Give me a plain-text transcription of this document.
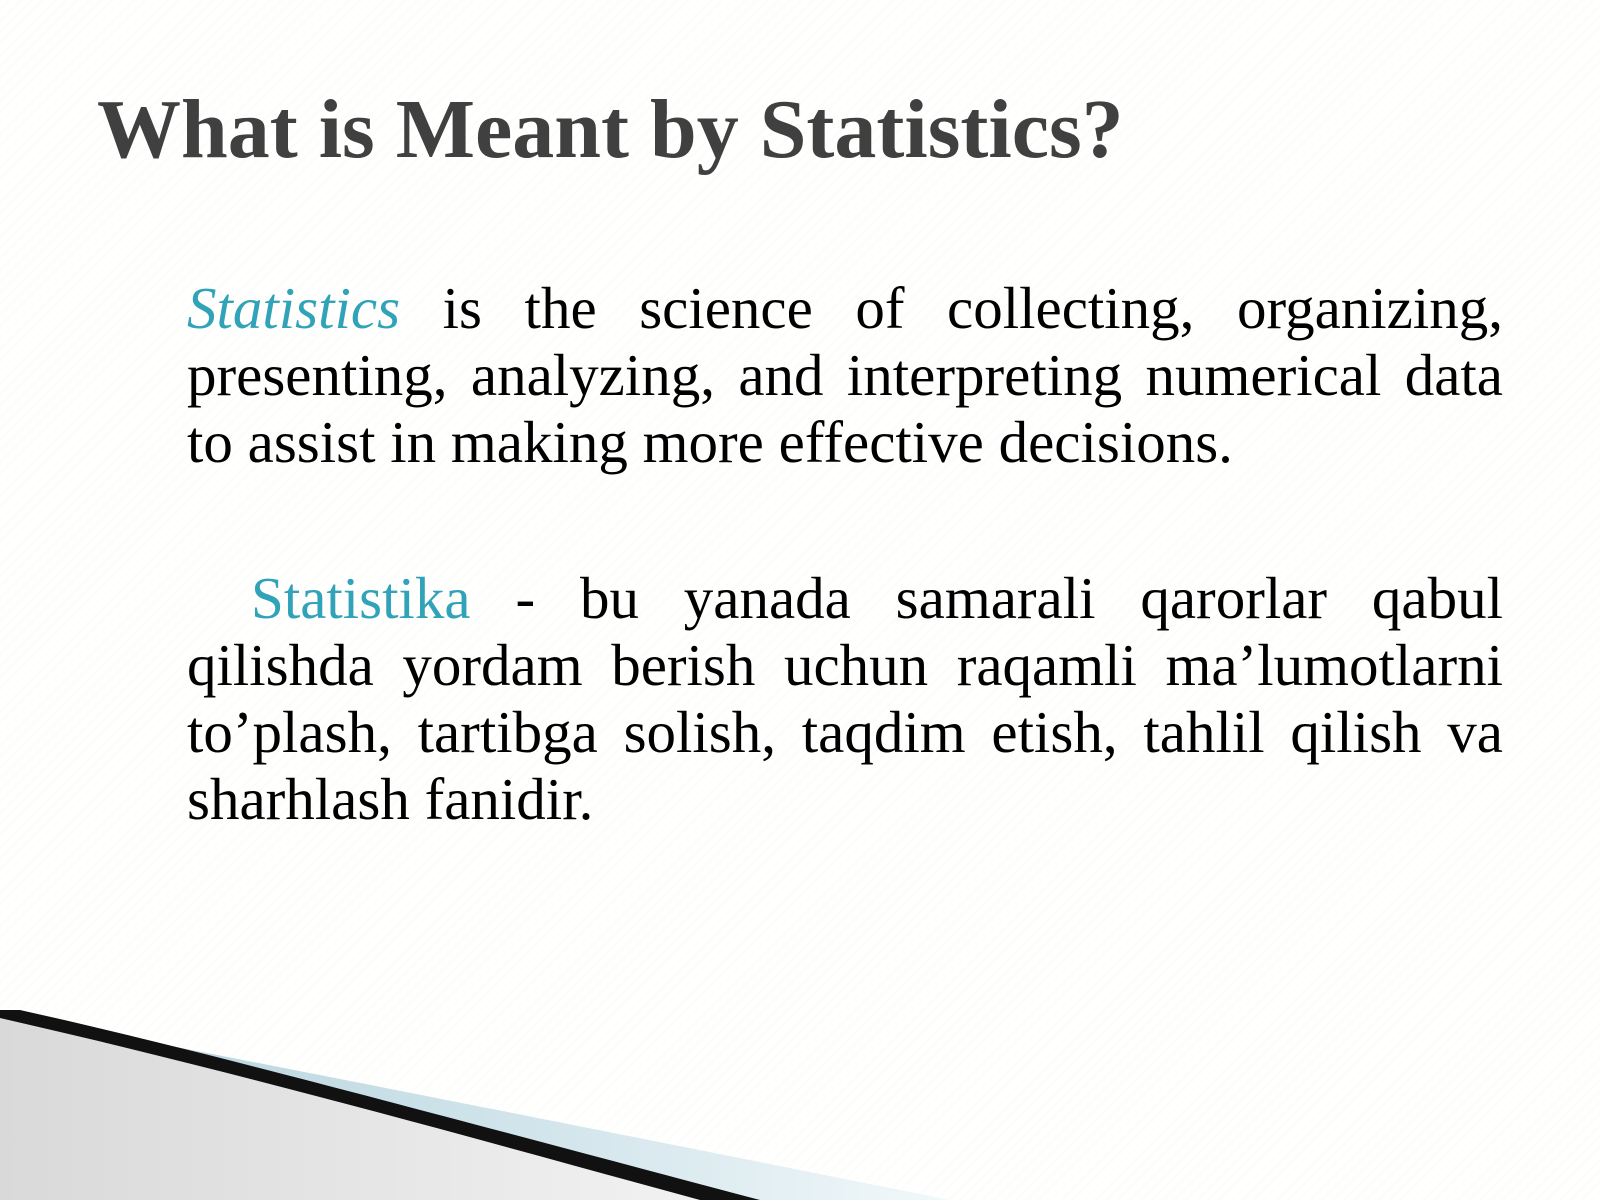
What is Meant by Statistics?

Statistics is the science of collecting, organizing, presenting, analyzing, and interpreting numerical data to assist in making more effective decisions.

Statistika - bu yanada samarali qarorlar qabul qilishda yordam berish uchun raqamli ma’lumotlarni to’plash, tartibga solish, taqdim etish, tahlil qilish va sharhlash fanidir.
